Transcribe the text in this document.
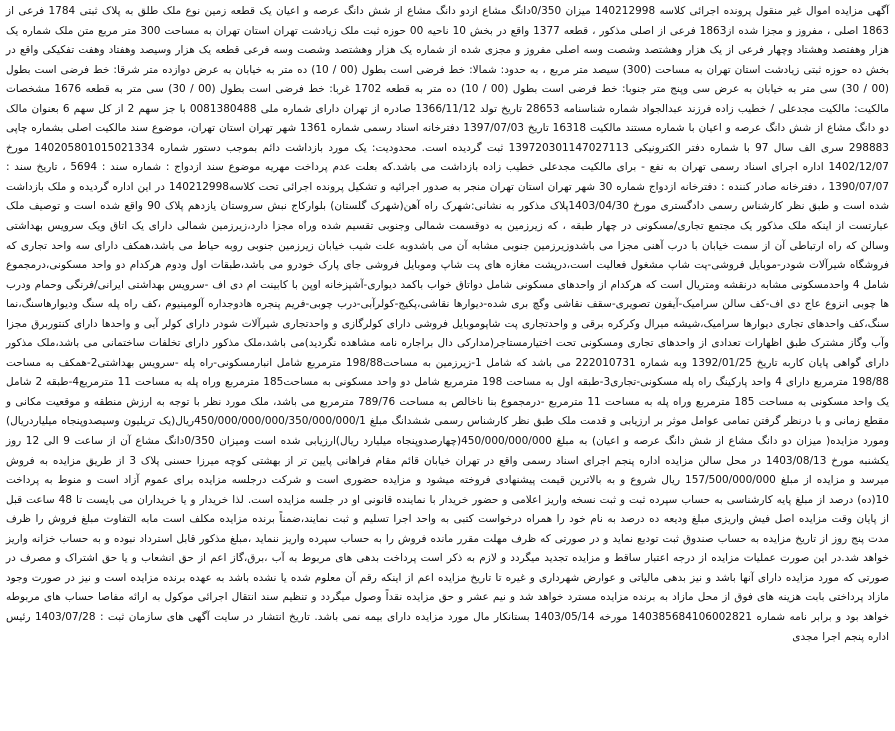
آگهی مزایده اموال غیر منقول پرونده اجرائی کلاسه 140212998 میزان 0/350دانگ مشاع ازدو دانگ مشاع از شش دانگ عرصه و اعیان یک قطعه زمین نوع ملک طلق به پلاک ثبتی 1784 فرعی از 1863 اصلی ، مفروز و مجزا شده از1863 فرعی از اصلی مذکور ، قطعه 1377 واقع در بخش 10 ناحیه 00 حوزه ثبت ملک زیادشت تهران استان تهران به مساحت 300 متر مربع متن ملک شماره یک هزار وهفتصد وهشتاد وچهار فرعی از یک هزار وهشتصد وشصت وسه اصلی مفروز و مجزی شده از شماره یک هزار وهشتصد وشصت وسه فرعی قطعه یک هزار وسیصد وهفتاد وهفت تفکیکی واقع در بخش ده حوزه ثبتی زیادشت استان تهران به مساحت (300) سیصد متر مربع ، به حدود: شمالا: خط فرضی است بطول (00 / 10) ده متر به خیابان به عرض دوازده متر شرقا: خط فرضی است بطول (00 / 30) سی متر به خیابان به عرض سی وپنج متر جنوبا: خط فرضی است بطول (00 / 10) ده متر به قطعه 1702 غربا: خط فرضی است بطول (00 / 30) سی متر به قطعه 1676 مشخصات مالکیت: مالکیت مجدعلی / خطیب زاده فرزند عبدالجواد شماره شناسنامه 28653 تاریخ تولد 1366/11/12 صادره از تهران دارای شماره ملی 0081380488 با جز سهم 2 از کل سهم 6 بعنوان مالک دو دانگ مشاع از شش دانگ عرصه و اعیان با شماره مستند مالکیت 16318 تاریخ 1397/07/03 دفترخانه اسناد رسمی شماره 1361 شهر تهران استان تهران، موضوع سند مالکیت اصلی بشماره چاپی 298883 سری الف سال 97 با شماره دفتر الکترونیکی 139720301147027113 ثبت گردیده است. محدودیت: یک مورد بازداشت دائم بموجب دستور شماره 140205801015021334 مورخ 1402/12/07 اداره اجرای اسناد رسمی تهران به نفع - برای مالکیت مجدعلی خطیب زاده بازداشت می باشد.که بعلت عدم پرداخت مهریه موضوع سند ازدواج : شماره سند : 5694 ، تاریخ سند : 1390/07/07 ، دفترخانه صادر کننده : دفترخانه ازدواج شماره 30 شهر تهران استان تهران منجر به صدور اجرائیه و تشکیل پرونده اجرائی تحت کلاسه140212998 در این اداره گردیده و ملک بازداشت شده است و طبق نظر کارشناس رسمی دادگستری مورخ 1403/04/30پلاک مذکور به نشانی:شهرک راه آهن(شهرک گلستان) بلوارکاج نبش سروستان یازدهم پلاک 90 واقع شده است و توصیف ملک عبارتست از اینکه ملک مذکور یک مجتمع تجاری/مسکونی در چهار طبقه ، که زیرزمین به دوقسمت شمالی وجنوبی تقسیم شده وراه مجزا دارد،زیرزمین شمالی دارای یک اتاق ویک سرویس بهداشتی وسالن که راه ارتباطی آن از سمت خیابان با درب آهنی مجزا می باشدوزیرزمین جنوبی مشابه آن می باشدوبه علت شیب خیابان زیرزمین جنوبی روبه حیاط می باشد،همکف دارای سه واحد تجاری که فروشگاه شیرآلات شودر-موبایل فروشی-پت شاپ مشغول فعالیت است،درپشت مغازه های پت شاپ وموبایل فروشی جای پارک خودرو می باشد،طبقات اول ودوم هرکدام دو واحد مسکونی،درمجموع شامل 4 واحدمسکونی مشابه درنقشه ومتریال است که هرکدام از واحدهای مسکونی شامل دواتاق خواب باکمد دیواری-آشپزخانه اوپن با کابینت ام دی اف -سرویس بهداشتی ایرانی/فرنگی وحمام ودرب ها چوبی انزوع عاج دی اف-کف سالن سرامیک-آیفون تصویری-سقف نقاشی وگچ بری شده-دیوارها نقاشی،پکیج-کولرآبی-درب چوبی-فریم پنجره هادوجداره آلومینیوم ،کف راه پله سنگ ودیوارهاسنگ،نما سنگ،کف واحدهای تجاری دیوارها سرامیک،شیشه میرال وکرکره برقی و واحدتجاری پت شاپوموبایل فروشی دارای کولرگازی و واحدتجاری شیرآلات شودر دارای کولر آبی و واحدها دارای کنتوربرق مجزا وآب وگاز مشترک طبق اظهارات تعدادی از واحدهای تجاری ومسکونی تحت اختیارمستاجر(مدارکی دال براجاره نامه مشاهده نگردید)می باشد،ملک مذکور دارای تخلفات ساختمانی می باشد،ملک مذکور دارای گواهی پایان کاربه تاریخ 1392/01/25 وبه شماره 222010731 می باشد که شامل 1-زیرزمین به مساحت198/88 مترمربع شامل انبارمسکونی-راه پله -سرویس بهداشتی2-همکف به مساحت 198/88 مترمربع دارای 4 واحد پارکینگ راه پله مسکونی-تجاری3-طبقه اول به مساحت 198 مترمربع شامل دو واحد مسکونی به مساحت185 مترمربع وراه پله به مساحت 11 مترمربع4-طبقه 2 شامل یک واحد مسکونی به مساحت 185 مترمربع وراه پله به مساحت 11 مترمربع -درمجموع بنا ناخالص به مساحت 789/76 مترمربع می باشد، ملک مورد نظر با توجه به ارزش منطقه و موقعیت مکانی و مقطع زمانی و با درنظر گرفتن تمامی عوامل موثر بر ارزیابی و قدمت ملک طبق نظر کارشناس رسمی ششدانگ مبلغ 450/000/000/000/350/000/000/1ریال(یک تریلیون وسیصدوپنجاه میلیاردریال) ومورد مزایده( میزان دو دانگ مشاع از شش دانگ عرصه و اعیان) به مبلغ 450/000/000/000(چهارصدوپنجاه میلیارد ریال)ارزیابی شده است ومیزان 0/350دانگ مشاع آن از ساعت 9 الی 12 روز یکشنبه مورخ 1403/08/13 در محل سالن مزایده اداره پنجم اجرای اسناد رسمی واقع در تهران خیابان قائم مقام فراهانی پایین تر از بهشتی کوچه میرزا حسنی پلاک 3 از طریق مزایده به فروش میرسد و مزایده از مبلغ 157/500/000/000 ریال شروع و به بالاترین قیمت پیشنهادی فروخته میشود و مزایده حضوری است و شرکت درجلسه مزایده برای عموم آزاد است و منوط به پرداخت 10(ده) درصد از مبلغ پایه کارشناسی به حساب سپرده ثبت و ثبت نسخه واریز اعلامی و حضور خریدار با نماینده قانونی او در جلسه مزایده است. لذا خریدار و یا خریداران می بایست تا 48 ساعت قبل از پایان وقت مزایده اصل فیش واریزی مبلغ ودیعه ده درصد به نام خود را همراه درخواست کتبی به واحد اجرا تسلیم و ثبت نمایند،ضمناً برنده مزایده مکلف است مابه التفاوت مبلغ فروش را ظرف مدت پنج روز از تاریخ مزایده به حساب صندوق ثبت تودیع نماید و در صورتی که ظرف مهلت مقرر مانده فروش را به حساب سپرده واریز ننماید ،مبلغ مذکور قابل استرداد نبوده و به حساب خزانه واریز خواهد شد.در این صورت عملیات مزایده از درجه اعتبار ساقط و مزایده تجدید میگردد و لازم به ذکر است پرداخت بدهی های مربوط به آب ،برق،گاز اعم از حق انشعاب و یا حق اشتراک و مصرف در صورتی که مورد مزایده دارای آنها باشد و نیز بدهی مالیاتی و عوارض شهرداری و غیره تا تاریخ مزایده اعم از اینکه رقم آن معلوم شده یا نشده باشد به عهده برنده مزایده است و نیز در صورت وجود مازاد پرداختی بابت هزینه های فوق از محل مازاد به برنده مزایده مسترد خواهد شد و نیم عشر و حق مزایده نقداً وصول میگردد و تنظیم سند انتقال اجرائی موکول به ارائه مفاصا حساب های مربوطه خواهد بود و برابر نامه شماره 140385684106002821 مورخه 1403/05/14 بستانکار مال مورد مزایده دارای بیمه نمی باشد. تاریخ انتشار در سایت آگهی های سازمان ثبت : 1403/07/28 رئیس اداره پنجم اجرا مجدی
